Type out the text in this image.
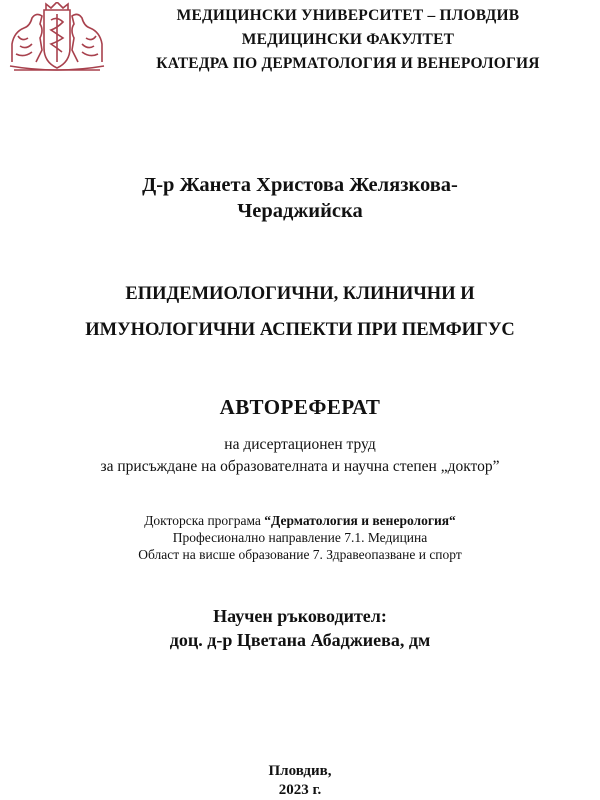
МЕДИЦИНСКИ УНИВЕРСИТЕТ – ПЛОВДИВ
МЕДИЦИНСКИ ФАКУЛТЕТ
КАТЕДРА ПО ДЕРМАТОЛОГИЯ И ВЕНЕРОЛОГИЯ
Д-р Жанета Христова Желязкова-
Чераджийска
ЕПИДЕМИОЛОГИЧНИ, КЛИНИЧНИ И
ИМУНОЛОГИЧНИ АСПЕКТИ ПРИ ПЕМФИГУС
АВТОРЕФЕРАТ
на дисертационен труд
за присъждане на образователната и научна степен „доктор”
Докторска програма “Дерматология и венерология“
Професионално направление 7.1. Медицина
Област на висше образование 7. Здравеопазване и спорт
Научен ръководител:
доц. д-р Цветана Абаджиева, дм
Пловдив,
2023 г.
